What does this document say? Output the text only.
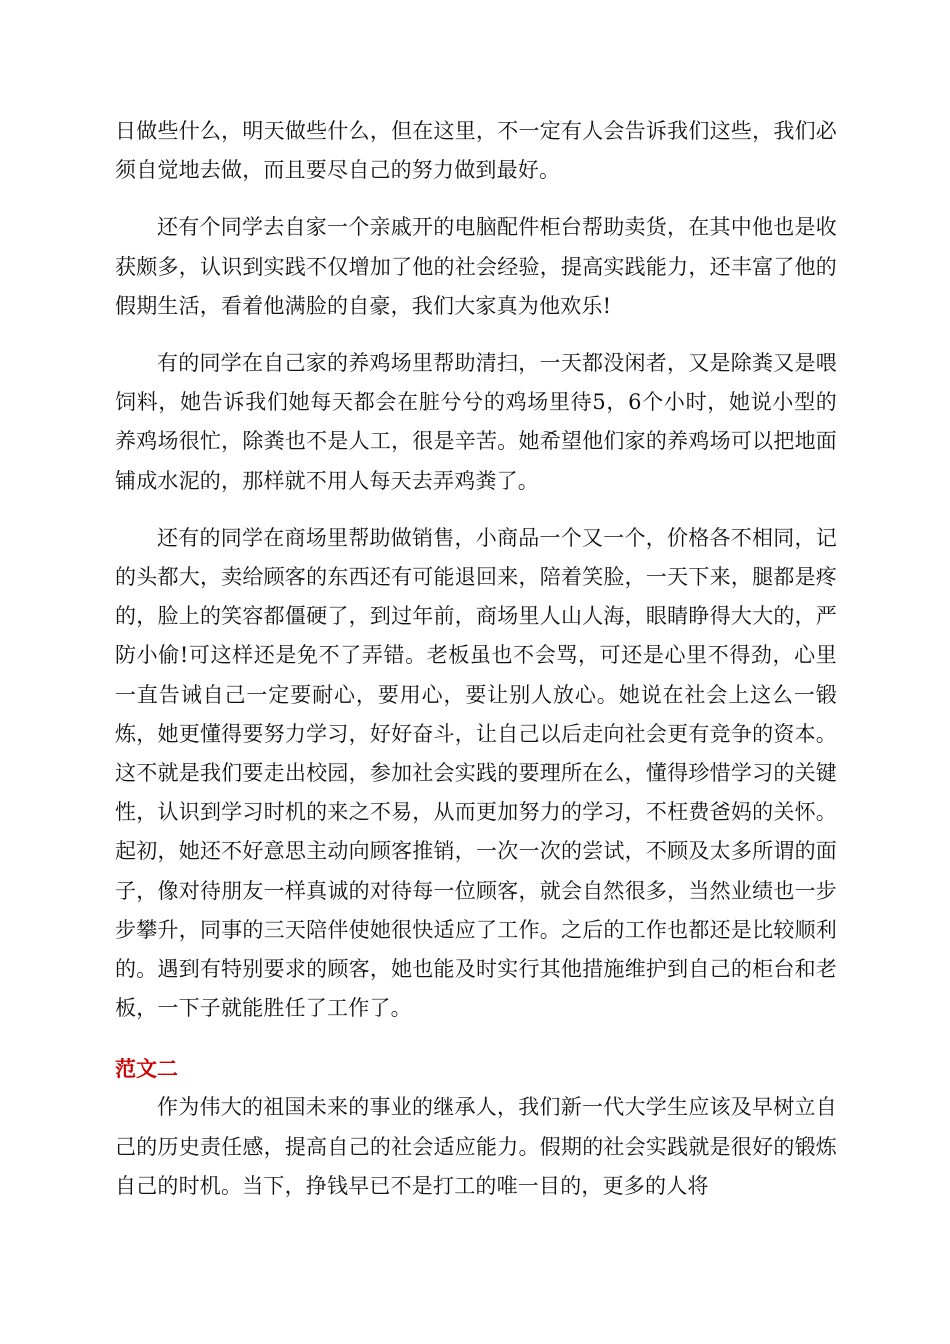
日做些什么，明天做些什么，但在这里，不一定有人会告诉我们这些，我们必须自觉地去做，而且要尽自己的努力做到最好。

还有个同学去自家一个亲戚开的电脑配件柜台帮助卖货，在其中他也是收获颇多，认识到实践不仅增加了他的社会经验，提高实践能力，还丰富了他的假期生活，看着他满脸的自豪，我们大家真为他欢乐!

有的同学在自己家的养鸡场里帮助清扫，一天都没闲者，又是除粪又是喂饲料，她告诉我们她每天都会在脏兮兮的鸡场里待5，6个小时，她说小型的养鸡场很忙，除粪也不是人工，很是辛苦。她希望他们家的养鸡场可以把地面铺成水泥的，那样就不用人每天去弄鸡粪了。

还有的同学在商场里帮助做销售，小商品一个又一个，价格各不相同，记的头都大，卖给顾客的东西还有可能退回来，陪着笑脸，一天下来，腿都是疼的，脸上的笑容都僵硬了，到过年前，商场里人山人海，眼睛睁得大大的，严防小偷!可这样还是免不了弄错。老板虽也不会骂，可还是心里不得劲，心里一直告诫自己一定要耐心，要用心，要让别人放心。她说在社会上这么一锻炼，她更懂得要努力学习，好好奋斗，让自己以后走向社会更有竞争的资本。这不就是我们要走出校园，参加社会实践的要理所在么，懂得珍惜学习的关键性，认识到学习时机的来之不易，从而更加努力的学习，不枉费爸妈的关怀。起初，她还不好意思主动向顾客推销，一次一次的尝试，不顾及太多所谓的面子，像对待朋友一样真诚的对待每一位顾客，就会自然很多，当然业绩也一步步攀升，同事的三天陪伴使她很快适应了工作。之后的工作也都还是比较顺利的。遇到有特别要求的顾客，她也能及时实行其他措施维护到自己的柜台和老板，一下子就能胜任了工作了。

范文二

作为伟大的祖国未来的事业的继承人，我们新一代大学生应该及早树立自己的历史责任感，提高自己的社会适应能力。假期的社会实践就是很好的锻炼自己的时机。当下，挣钱早已不是打工的唯一目的，更多的人将
